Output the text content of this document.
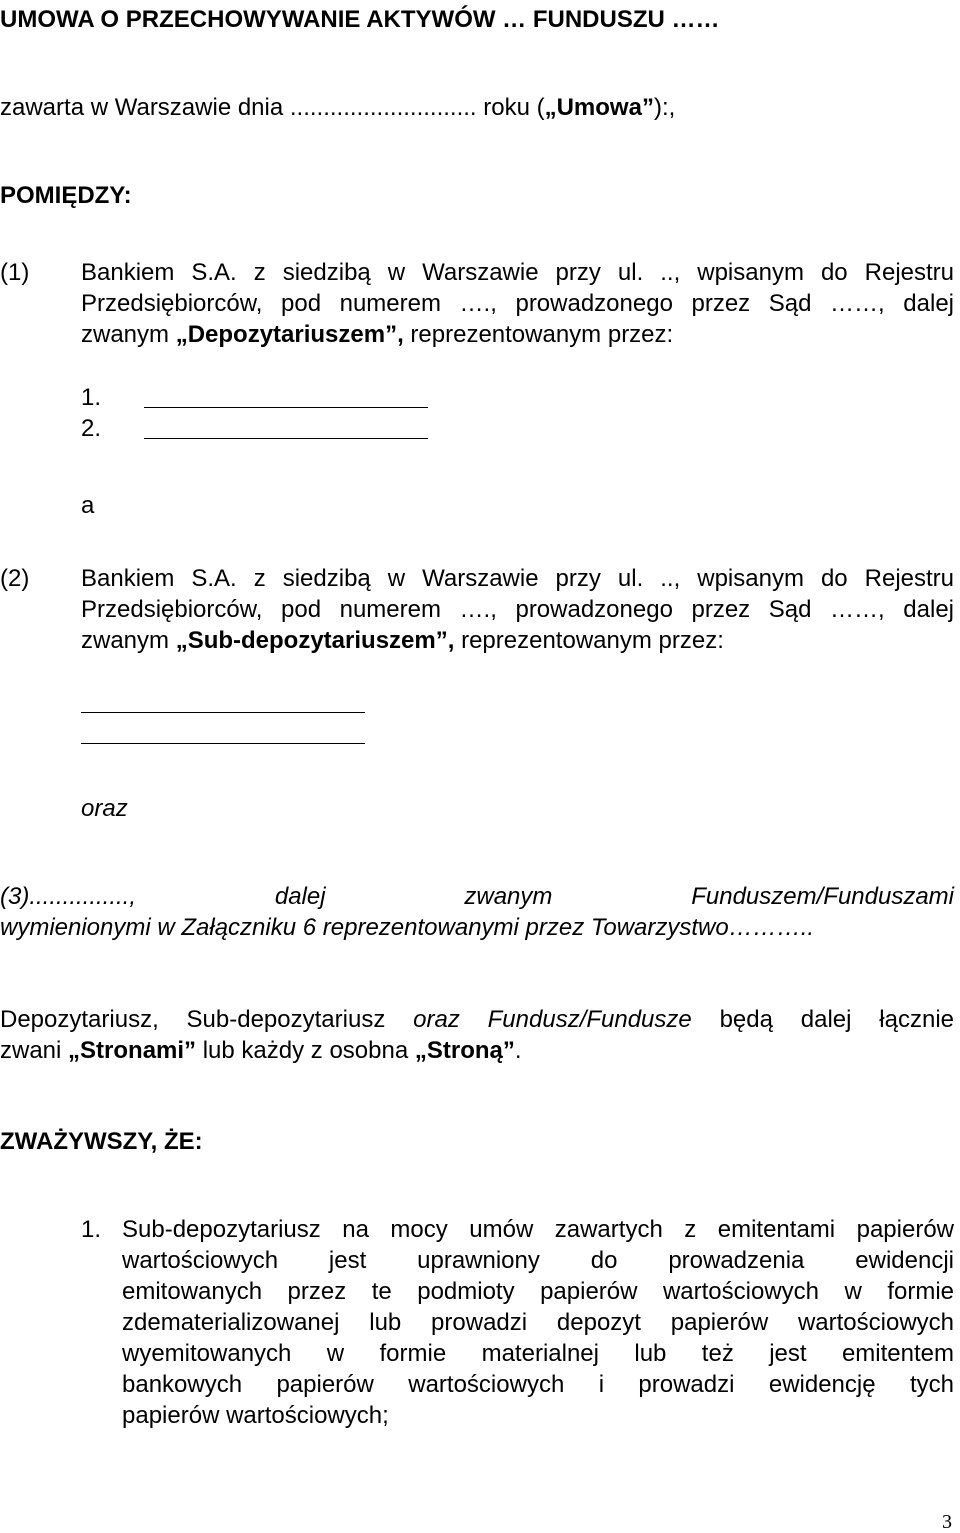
UMOWA O PRZECHOWYWANIE AKTYWÓW … FUNDUSZU ……
zawarta w Warszawie dnia ............................ roku („Umowa”):,
POMIĘDZY:
(1) Bankiem S.A. z siedzibą w Warszawie przy ul. .., wpisanym do Rejestru

Przedsiębiorców, pod numerem …., prowadzonego przez Sąd ……, dalej

zwanym „Depozytariuszem”, reprezentowanym przez:

1.
2.
a
(2) Bankiem S.A. z siedzibą w Warszawie przy ul. .., wpisanym do Rejestru

Przedsiębiorców, pod numerem …., prowadzonego przez Sąd ……, dalej

zwanym „Sub-depozytariuszem”, reprezentowanym przez:

oraz

(3)..............., dalej zwanym Funduszem/Funduszami

wymienionymi w Załączniku 6 reprezentowanymi przez Towarzystwo………..

Depozytariusz, Sub-depozytariusz oraz Fundusz/Fundusze będą dalej łącznie

zwani „Stronami” lub każdy z osobna „Stroną”.

ZWAŻYWSZY, ŻE:
1. Sub-depozytariusz na mocy umów zawartych z emitentami papierów

wartościowych jest uprawniony do prowadzenia ewidencji

emitowanych przez te podmioty papierów wartościowych w formie

zdematerializowanej lub prowadzi depozyt papierów wartościowych

wyemitowanych w formie materialnej lub też jest emitentem

bankowych papierów wartościowych i prowadzi ewidencję tych

papierów wartościowych;

3
